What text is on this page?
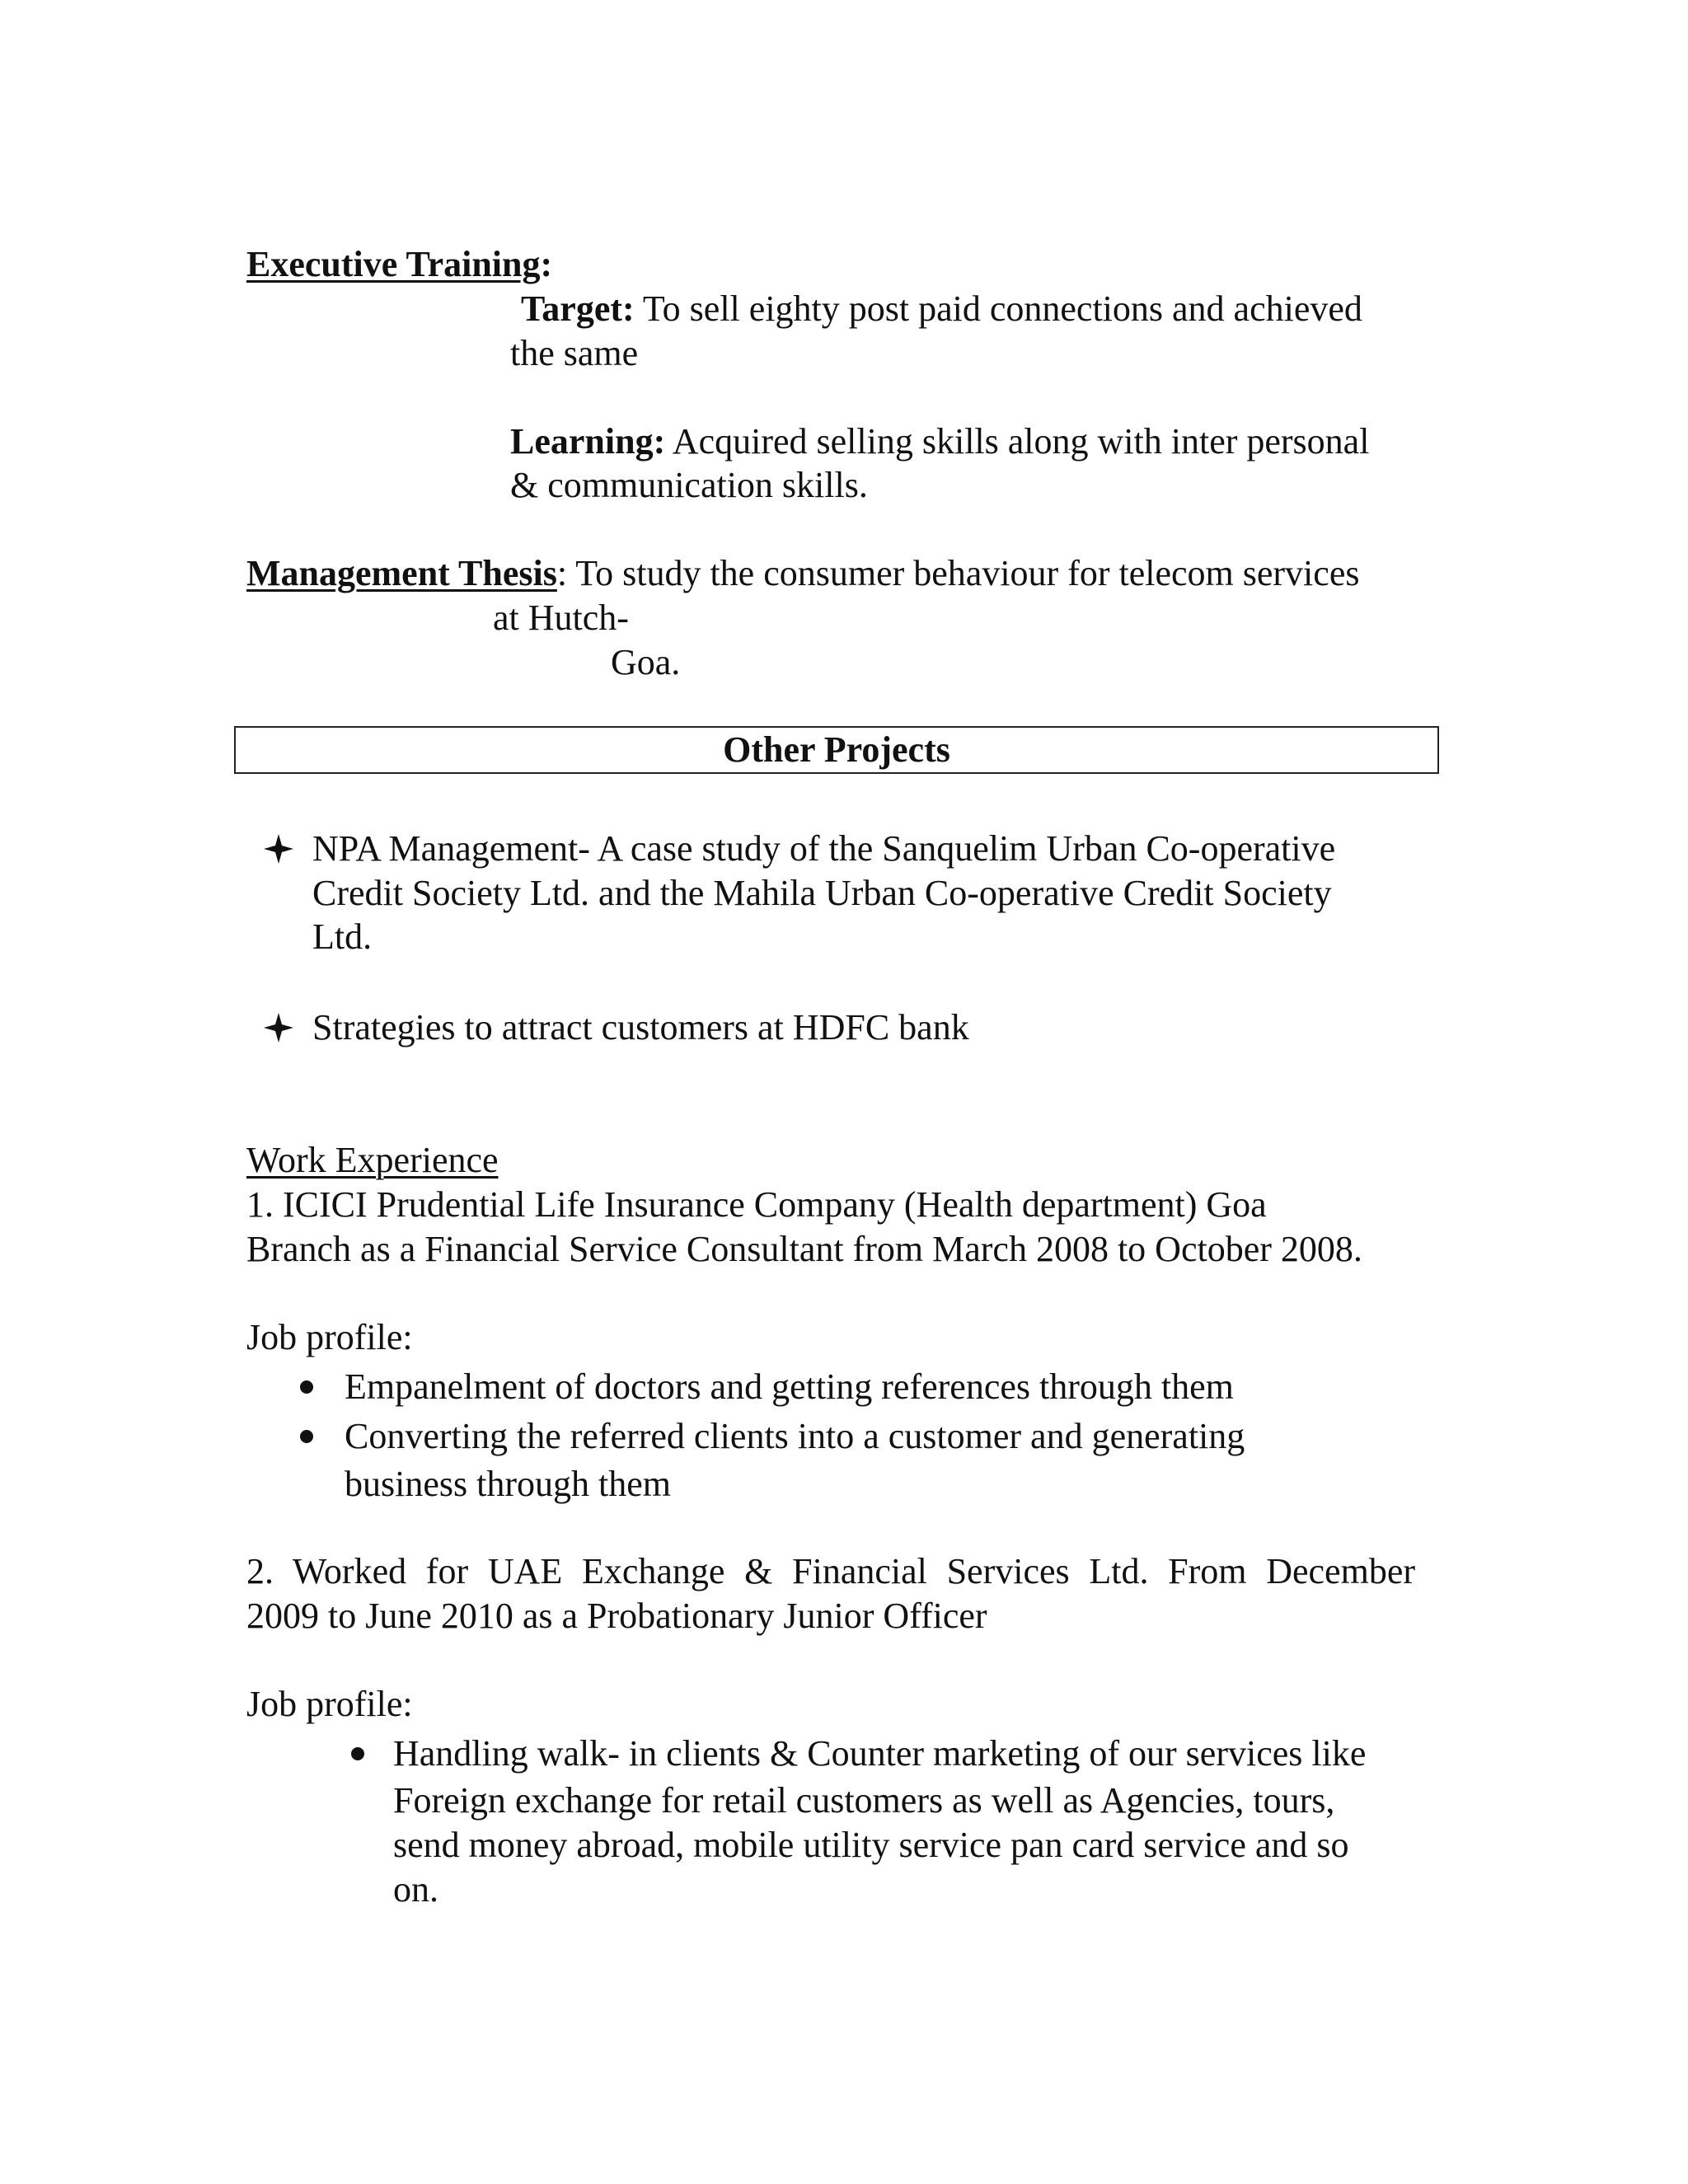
Executive Training:
Target: To sell eighty post paid connections and achieved
the same
Learning: Acquired selling skills along with inter personal
& communication skills.
Management Thesis: To study the consumer behaviour for telecom services
at Hutch-
Goa.
Other Projects
NPA Management- A case study of the Sanquelim Urban Co-operative
Credit Society Ltd. and the Mahila Urban Co-operative Credit Society
Ltd.
Strategies to attract customers at HDFC bank
Work Experience
1. ICICI Prudential Life Insurance Company (Health department) Goa
Branch as a Financial Service Consultant from March 2008 to October 2008.
Job profile:
Empanelment of doctors and getting references through them
Converting the referred clients into a customer and generating
business through them
2. Worked for UAE Exchange & Financial Services Ltd. From December
2009 to June 2010 as a Probationary Junior Officer
Job profile:
Handling walk- in clients & Counter marketing of our services like
Foreign exchange for retail customers as well as Agencies, tours,
send money abroad, mobile utility service pan card service and so
on.
